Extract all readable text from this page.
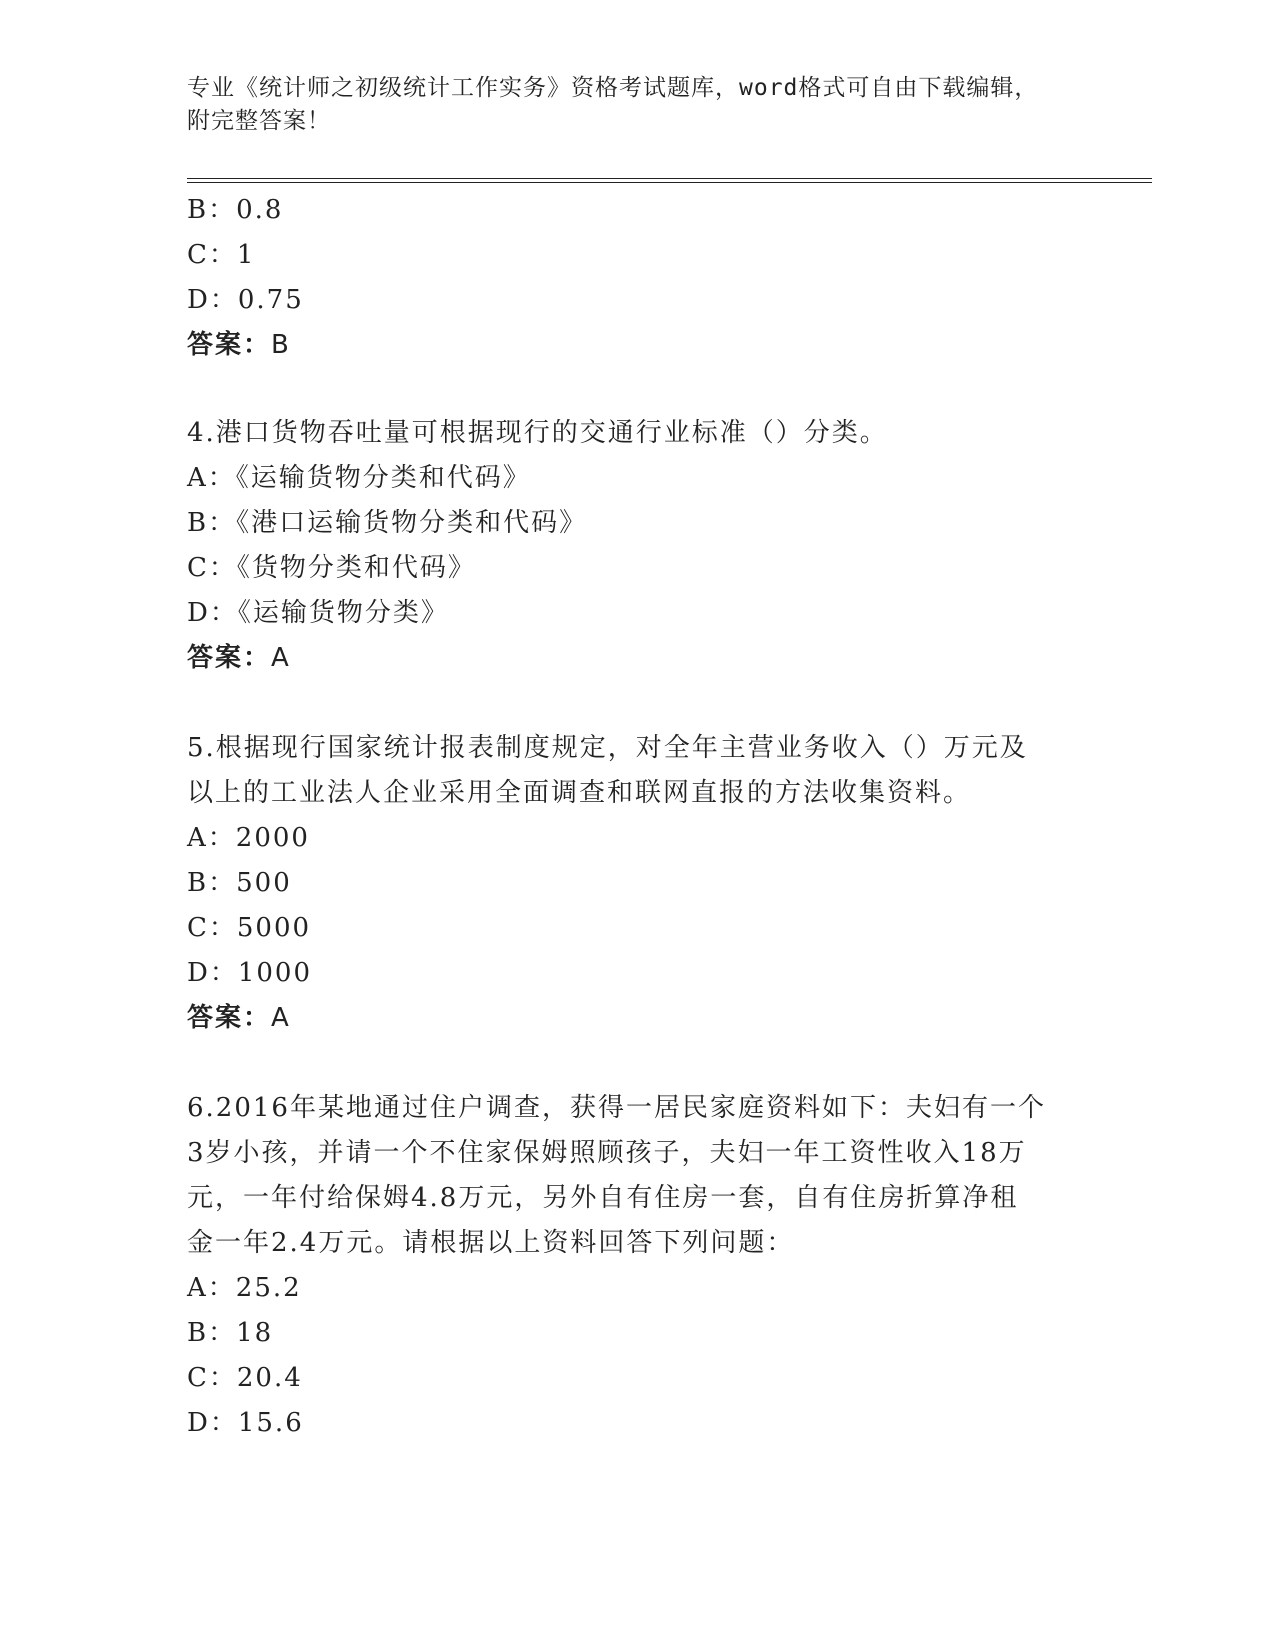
专业《统计师之初级统计工作实务》资格考试题库，word格式可自由下载编辑，
附完整答案！
B：0.8
C：1
D：0.75
答案：B
4.港口货物吞吐量可根据现行的交通行业标准（）分类。
A：《运输货物分类和代码》
B：《港口运输货物分类和代码》
C：《货物分类和代码》
D：《运输货物分类》
答案：A
5.根据现行国家统计报表制度规定，对全年主营业务收入（）万元及
以上的工业法人企业采用全面调查和联网直报的方法收集资料。
A：2000
B：500
C：5000
D：1000
答案：A
6.2016年某地通过住户调查，获得一居民家庭资料如下：夫妇有一个
3岁小孩，并请一个不住家保姆照顾孩子，夫妇一年工资性收入18万
元，一年付给保姆4.8万元，另外自有住房一套，自有住房折算净租
金一年2.4万元。请根据以上资料回答下列问题：
A：25.2
B：18
C：20.4
D：15.6
